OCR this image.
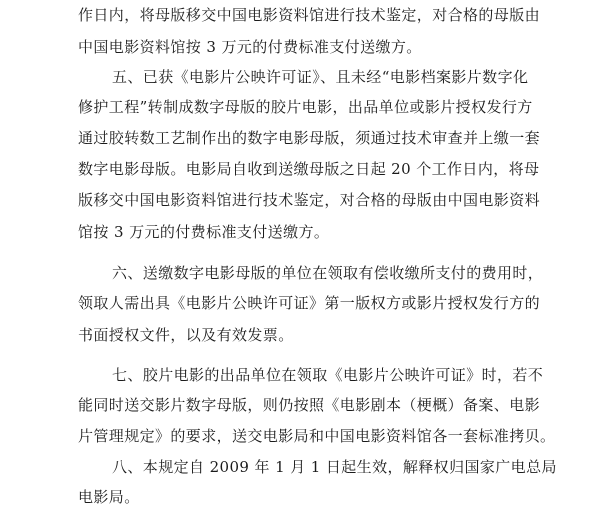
作日内，将母版移交中国电影资料馆进行技术鉴定，对合格的母版由
中国电影资料馆按 3 万元的付费标准支付送缴方。
五、已获《电影片公映许可证》、且未经“电影档案影片数字化
修护工程”转制成数字母版的胶片电影，出品单位或影片授权发行方
通过胶转数工艺制作出的数字电影母版，须通过技术审查并上缴一套
数字电影母版。电影局自收到送缴母版之日起 20 个工作日内，将母
版移交中国电影资料馆进行技术鉴定，对合格的母版由中国电影资料
馆按 3 万元的付费标准支付送缴方。
六、送缴数字电影母版的单位在领取有偿收缴所支付的费用时，
领取人需出具《电影片公映许可证》第一版权方或影片授权发行方的
书面授权文件，以及有效发票。
七、胶片电影的出品单位在领取《电影片公映许可证》时，若不
能同时送交影片数字母版，则仍按照《电影剧本（梗概）备案、电影
片管理规定》的要求，送交电影局和中国电影资料馆各一套标准拷贝。
八、本规定自 2009 年 1 月 1 日起生效，解释权归国家广电总局
电影局。
